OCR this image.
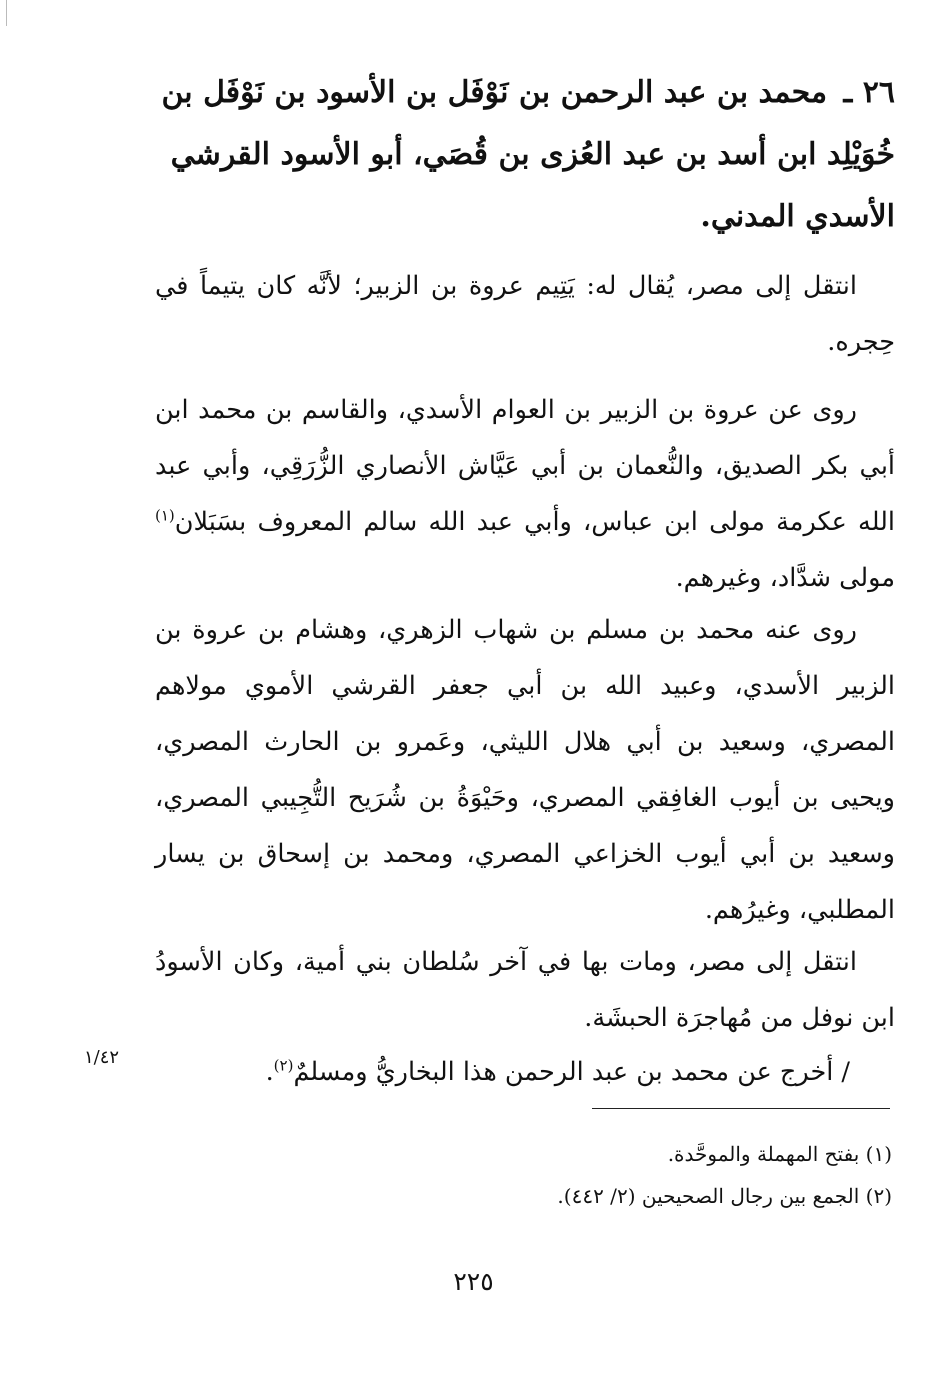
٢٦ ـ محمد بن عبد الرحمن بن نَوْفَل بن الأسود بن نَوْفَل بن خُوَيْلِد ابن أسد بن عبد العُزى بن قُصَي، أبو الأسود القرشي الأسدي المدني.
انتقل إلى مصر، يُقال له: يَتِيم عروة بن الزبير؛ لأنَّه كان يتيماً في حِجره.
روى عن عروة بن الزبير بن العوام الأسدي، والقاسم بن محمد ابن أبي بكر الصديق، والنُّعمان بن أبي عَيَّاش الأنصاري الزُّرَقِي، وأبي عبد الله عكرمة مولى ابن عباس، وأبي عبد الله سالم المعروف بسَبَلان$^{(١)}$ مولى شدَّاد، وغيرهم.
روى عنه محمد بن مسلم بن شهاب الزهري، وهشام بن عروة بن الزبير الأسدي، وعبيد الله بن أبي جعفر القرشي الأموي مولاهم المصري، وسعيد بن أبي هلال الليثي، وعَمرو بن الحارث المصري، ويحيى بن أيوب الغافِقي المصري، وحَيْوَةُ بن شُرَيح التُّجِيبي المصري، وسعيد بن أبي أيوب الخزاعي المصري، ومحمد بن إسحاق بن يسار المطلبي، وغيرُهم.
انتقل إلى مصر، ومات بها في آخر سُلطان بني أمية، وكان الأسودُ ابن نوفل من مُهاجرَة الحبشَة.
/ أخرج عن محمد بن عبد الرحمن هذا البخاريُّ ومسلمٌ$^{(٢)}$.
١/٤٢
(١) بفتح المهملة والموحَّدة.
(٢) الجمع بين رجال الصحيحين (٢/ ٤٤٢).
٢٢٥
